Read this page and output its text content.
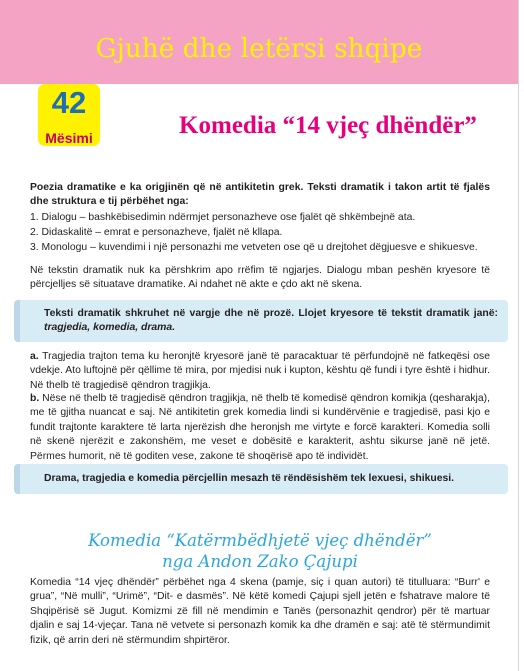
Gjuhë dhe letërsi shqipe
42
Mësimi	Komedia “14 vjeç dhëndër”

Poezia dramatike e ka origjinën që në antikitetin grek. Teksti dramatik i takon artit të fjalës dhe struktura e tij përbëhet nga:

1. Dialogu – bashkëbisedimin ndërmjet personazheve ose fjalët që shkëmbejnë ata.
2. Didaskalitë – emrat e personazheve, fjalët në kllapa.
3. Monologu – kuvendimi i një personazhi me vetveten ose që u drejtohet dëgjuesve e shikuesve.

Në tekstin dramatik nuk ka përshkrim apo rrëfim të ngjarjes. Dialogu mban peshën kryesore të përcjelljes së situatave dramatike. Ai ndahet në akte e çdo akt në skena.

Teksti dramatik shkruhet në vargje dhe në prozë. Llojet kryesore të tekstit dramatik janë: tragjedia, komedia, drama.

a. Tragjedia trajton tema ku heronjtë kryesorë janë të paracaktuar të përfundojnë në fatkeqësi ose vdekje. Ato luftojnë për qëllime të mira, por mjedisi nuk i kupton, kështu që fundi i tyre është i hidhur. Në thelb të tragjedisë qëndron tragjikja.

b. Nëse në thelb të tragjedisë qëndron tragjikja, në thelb të komedisë qëndron komikja (qesharakja), me të gjitha nuancat e saj. Në antikitetin grek komedia lindi si kundërvënie e tragjedisë, pasi kjo e fundit trajtonte karaktere të larta njerëzish dhe heronjsh me virtyte e forcë karakteri. Komedia solli në skenë njerëzit e zakonshëm, me veset e dobësitë e karakterit, ashtu sikurse janë në jetë. Përmes humorit, në të goditen vese, zakone të shoqërisë apo të individët.

Drama, tragjedia e komedia përcjellin mesazh të rëndësishëm tek lexuesi, shikuesi.

Komedia “Katërmbëdhjetë vjeç dhëndër”
nga Andon Zako Çajupi

Komedia “14 vjeç dhëndër” përbëhet nga 4 skena (pamje, siç i quan autori) të titulluara: “Burr' e grua”, “Në mulli”, “Urimë”, “Dit- e dasmës”. Në këtë komedi Çajupi sjell jetën e fshatrave malore të Shqipërisë së Jugut. Komizmi zë fill në mendimin e Tanës (personazhit qendror) për të martuar djalin e saj 14-vjeçar. Tana në vetvete si personazh komik ka dhe dramën e saj: atë të stërmundimit fizik, që arrin deri në stërmundim shpirtëror.
